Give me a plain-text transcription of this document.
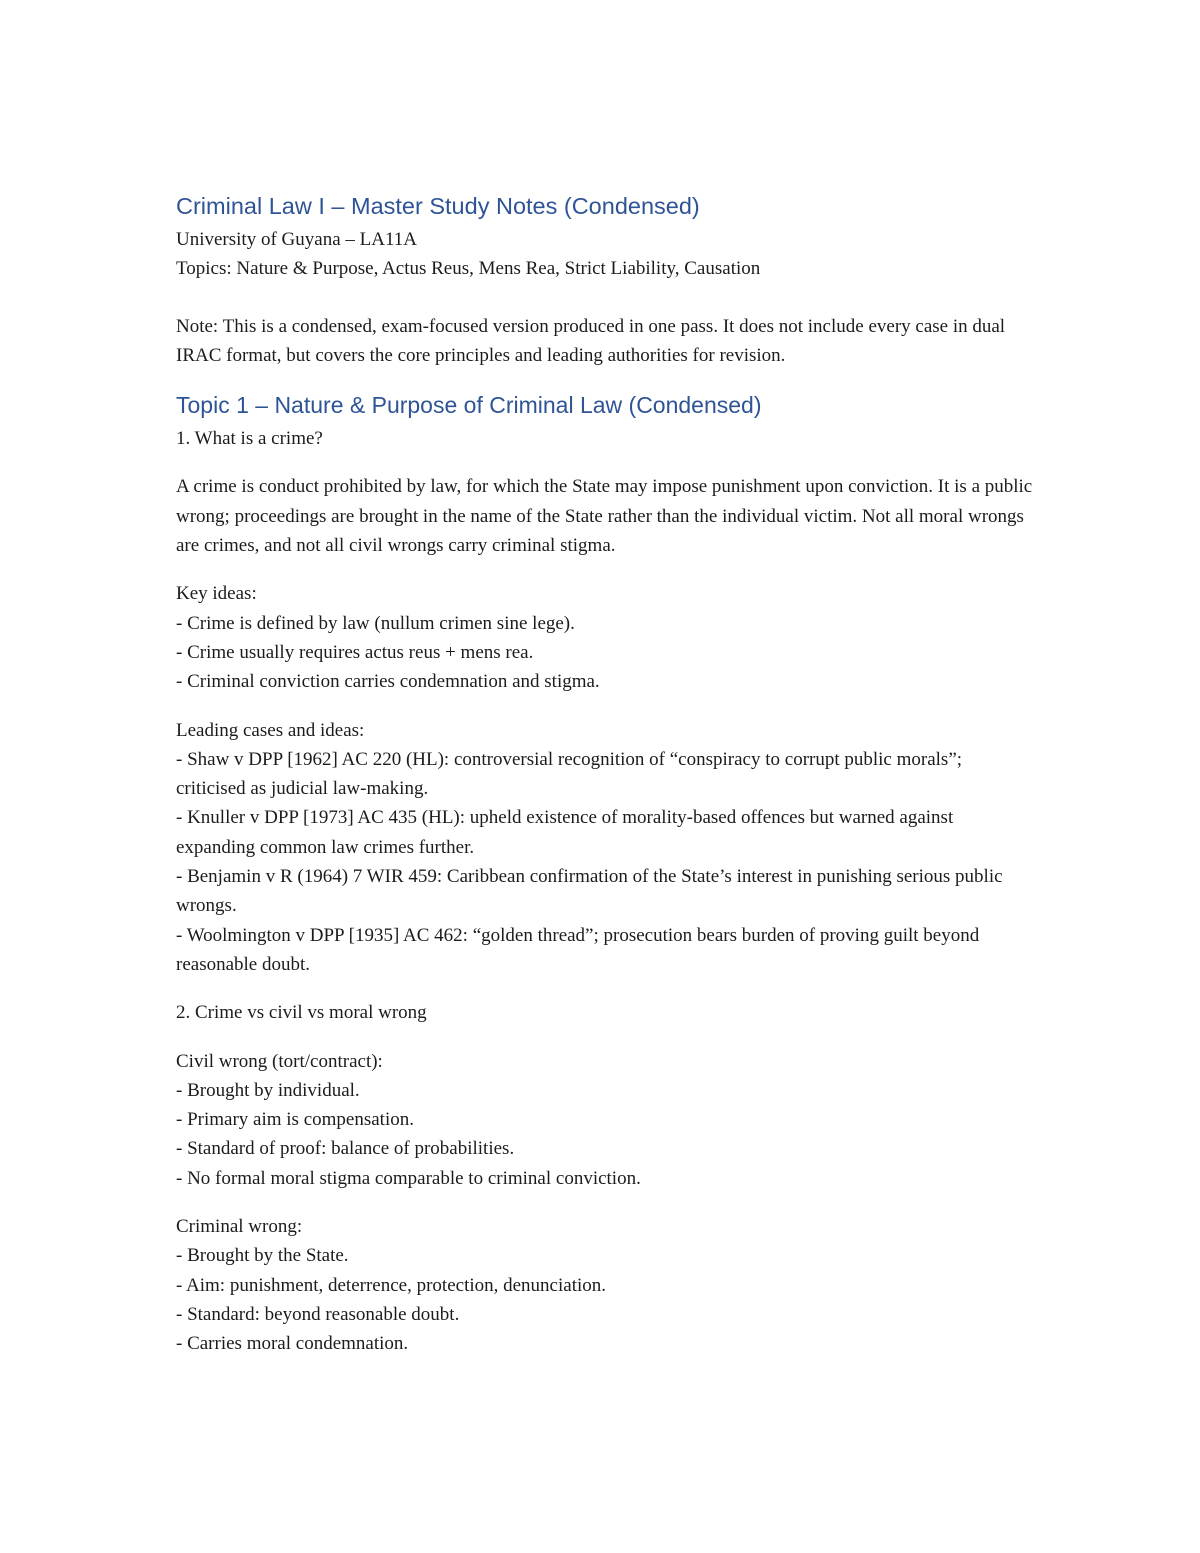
Criminal Law I – Master Study Notes (Condensed)

University of Guyana – LA11A

Topics: Nature & Purpose, Actus Reus, Mens Rea, Strict Liability, Causation

Note: This is a condensed, exam-focused version produced in one pass. It does not include every case in dual IRAC format, but covers the core principles and leading authorities for revision.

Topic 1 – Nature & Purpose of Criminal Law (Condensed)

1. What is a crime?

A crime is conduct prohibited by law, for which the State may impose punishment upon conviction. It is a public wrong; proceedings are brought in the name of the State rather than the individual victim. Not all moral wrongs are crimes, and not all civil wrongs carry criminal stigma.

Key ideas:

- Crime is defined by law (nullum crimen sine lege).

- Crime usually requires actus reus + mens rea.

- Criminal conviction carries condemnation and stigma.

Leading cases and ideas:

- Shaw v DPP [1962] AC 220 (HL): controversial recognition of “conspiracy to corrupt public morals”; criticised as judicial law-making.

- Knuller v DPP [1973] AC 435 (HL): upheld existence of morality-based offences but warned against expanding common law crimes further.

- Benjamin v R (1964) 7 WIR 459: Caribbean confirmation of the State’s interest in punishing serious public wrongs.

- Woolmington v DPP [1935] AC 462: “golden thread”; prosecution bears burden of proving guilt beyond reasonable doubt.

2. Crime vs civil vs moral wrong

Civil wrong (tort/contract):

- Brought by individual.

- Primary aim is compensation.

- Standard of proof: balance of probabilities.

- No formal moral stigma comparable to criminal conviction.

Criminal wrong:

- Brought by the State.

- Aim: punishment, deterrence, protection, denunciation.

- Standard: beyond reasonable doubt.

- Carries moral condemnation.
